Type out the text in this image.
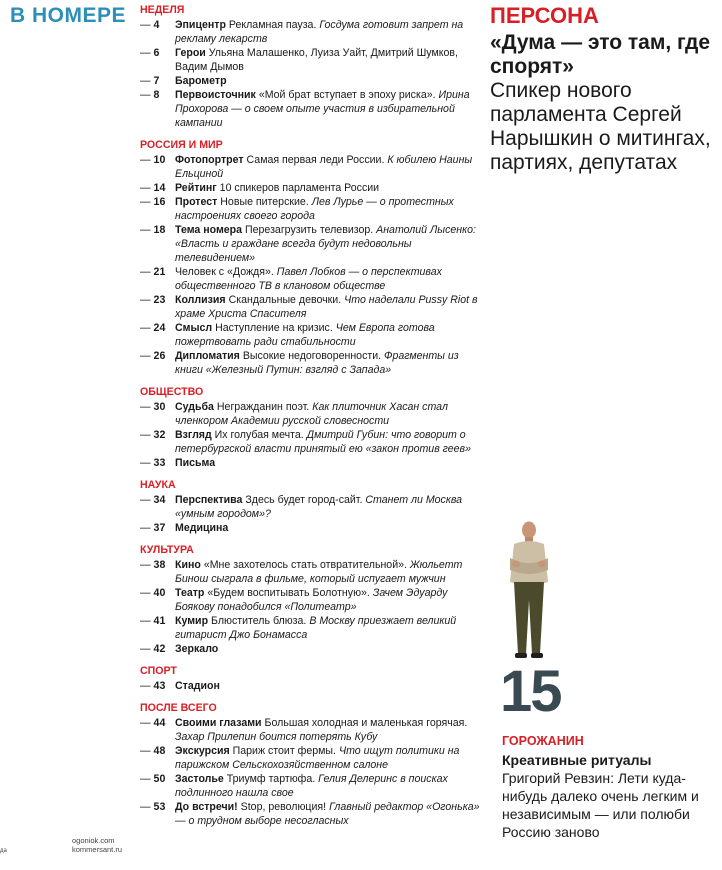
В НОМЕРЕ НЕДЕЛЯ
— 4	Эпицентр Рекламная пауза. Госдума готовит запрет на рекламу лекарств
— 6	Герои Ульяна Малашенко, Луиза Уайт, Дмитрий Шумков, Вадим Дымов
— 7	Барометр
— 8	Первоисточник «Мой брат вступает в эпоху риска». Ирина Прохорова — о своем опыте участия в избирательной кампании
РОССИЯ И МИР
— 10 Фотопортрет Самая первая леди России. К юбилею Наины Ельциной
— 14 Рейтинг 10 спикеров парламента России
— 16 Протест Новые питерские. Лев Лурье — о протестных настроениях своего города
— 18 Тема номера Перезагрузить телевизор. Анатолий Лысенко: «Власть и граждане всегда будут недовольны телевидением»
— 21 Человек с «Дождя». Павел Лобков — о перспективах общественного ТВ в клановом обществе
— 23 Коллизия Скандальные девочки. Что наделали Pussy Riot в храме Христа Спасителя
— 24 Смысл Наступление на кризис. Чем Европа готова пожертвовать ради стабильности
— 26 Дипломатия Высокие недоговоренности. Фрагменты из книги «Железный Путин: взгляд с Запада»
ОБЩЕСТВО
— 30 Судьба Негражданин поэт. Как плиточник Хасан стал членкором Академии русской словесности
— 32 Взгляд Их голубая мечта. Дмитрий Губин: что говорит о петербургской власти принятый ею «закон против геев»
— 33 Письма
НАУКА
— 34 Перспектива Здесь будет город-сайт. Станет ли Москва «умным городом»?
— 37 Медицина
КУЛЬТУРА
— 38 Кино «Мне захотелось стать отвратительной». Жюльетт Бинош сыграла в фильме, который испугает мужчин
— 40 Театр «Будем воспитывать Болотную». Зачем Эдуарду Боякову понадобился «Политеатр»
— 41 Кумир Блюститель блюза. В Москву приезжает великий гитарист Джо Бонамасса
— 42 Зеркало
СПОРТ
— 43 Стадион
ПОСЛЕ ВСЕГО
— 44 Своими глазами Большая холодная и маленькая горячая. Захар Прилепин боится потерять Кубу
— 48 Экскурсия Париж стоит фермы. Что ищут политики на парижском Сельскохозяйственном салоне
— 50 Застолье Триумф тартюфа. Гелия Делеринс в поисках подлинного нашла свое
— 53 До встречи! Stop, революция! Главный редактор «Огонька» — о трудном выборе несогласных
ПЕРСОНА
«Дума — это там, где спорят»
Спикер нового парламента Сергей Нарышкин о митингах, партиях, депутатах
15
ГОРОЖАНИН
Креативные ритуалы
Григорий Ревзин: Лети куда-нибудь далеко очень легким и независимым — или полюби Россию заново
да
ogoniok.com
kommersant.ru
